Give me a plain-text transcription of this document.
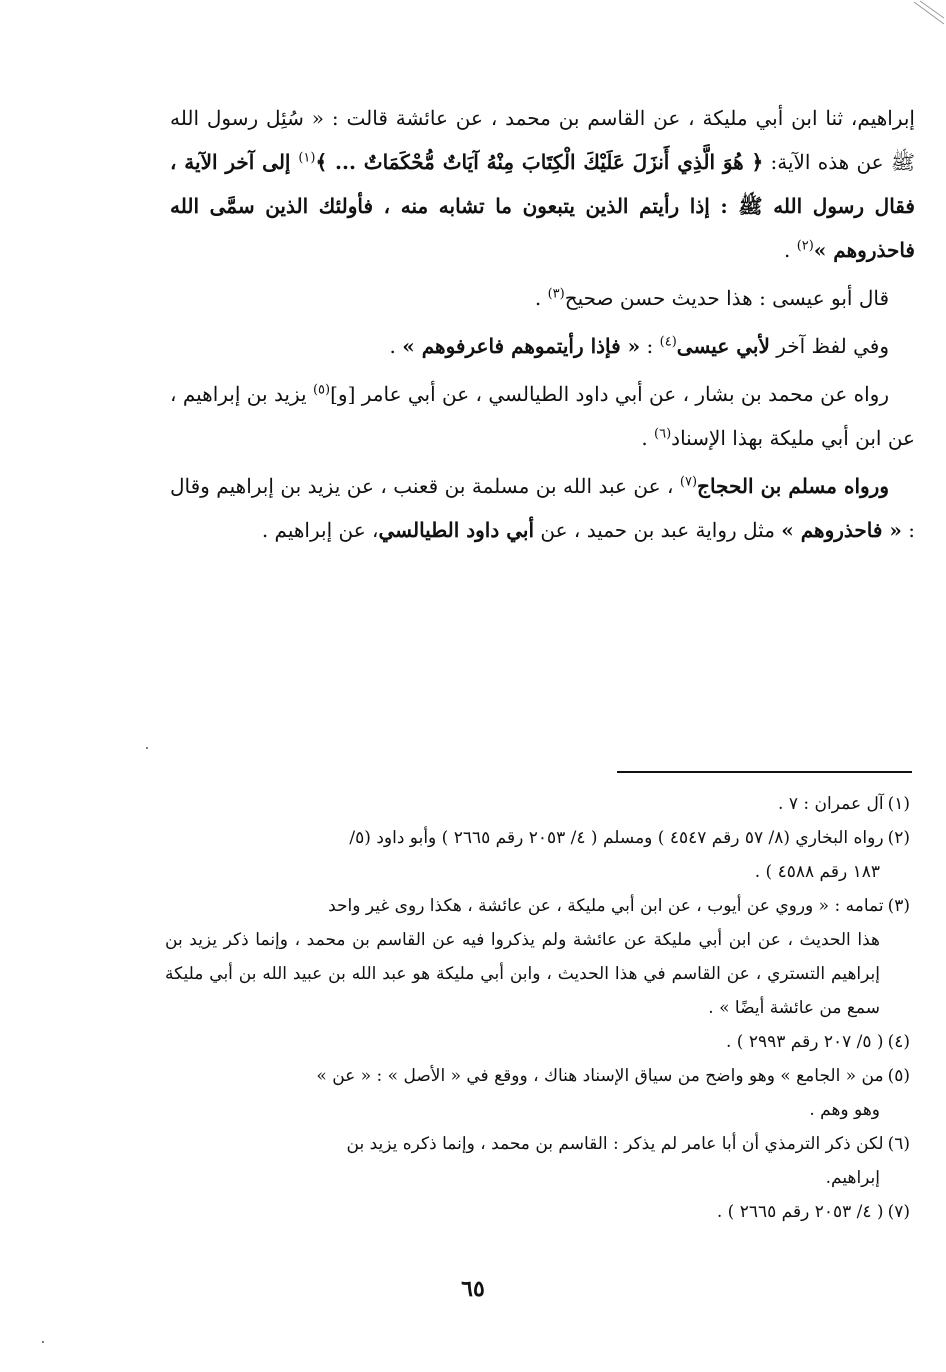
إبراهيم، ثنا ابن أبي مليكة ، عن القاسم بن محمد ، عن عائشة قالت : « سُئِل رسول الله ﷺ عن هذه الآية: ﴿ هُوَ الَّذِي أَنزَلَ عَلَيْكَ الْكِتَابَ مِنْهُ آيَاتٌ مُّحْكَمَاتٌ ... ﴾$^{(١)}$ إلى آخر الآية ، فقال رسول الله ﷺ : إذا رأيتم الذين يتبعون ما تشابه منه ، فأولئك الذين سمَّى الله فاحذروهم »$^{(٢)}$ .

قال أبو عيسى : هذا حديث حسن صحيح$^{(٣)}$ .

وفي لفظ آخر لأبي عيسى$^{(٤)}$ : « فإذا رأيتموهم فاعرفوهم » .

رواه عن محمد بن بشار ، عن أبي داود الطيالسي ، عن أبي عامر [و]$^{(٥)}$ يزيد بن إبراهيم ، عن ابن أبي مليكة بهذا الإسناد$^{(٦)}$ .

ورواه مسلم بن الحجاج$^{(٧)}$ ، عن عبد الله بن مسلمة بن قعنب ، عن يزيد بن إبراهيم وقال : « فاحذروهم » مثل رواية عبد بن حميد ، عن أبي داود الطيالسي، عن إبراهيم .

(١)آل عمران : ٧ .

(٢)رواه البخاري (٨/ ٥٧ رقم ٤٥٤٧ ) ومسلم ( ٤/ ٢٠٥٣ رقم ٢٦٦٥ ) وأبو داود (٥/
١٨٣ رقم ٤٥٨٨ ) .

(٣)تمامه : « وروي عن أيوب ، عن ابن أبي مليكة ، عن عائشة ، هكذا روى غير واحد
هذا الحديث ، عن ابن أبي مليكة عن عائشة ولم يذكروا فيه عن القاسم بن محمد ، وإنما ذكر يزيد بن إبراهيم التستري ، عن القاسم في هذا الحديث ، وابن أبي مليكة هو عبد الله بن عبيد الله بن أبي مليكة سمع من عائشة أيضًا » .

(٤)( ٥/ ٢٠٧ رقم ٢٩٩٣ ) .

(٥)من « الجامع » وهو واضح من سياق الإسناد هناك ، ووقع في « الأصل » : « عن »
وهو وهم .

(٦)لكن ذكر الترمذي أن أبا عامر لم يذكر : القاسم بن محمد ، وإنما ذكره يزيد بن
إبراهيم.

(٧)( ٤/ ٢٠٥٣ رقم ٢٦٦٥ ) .

٦٥
